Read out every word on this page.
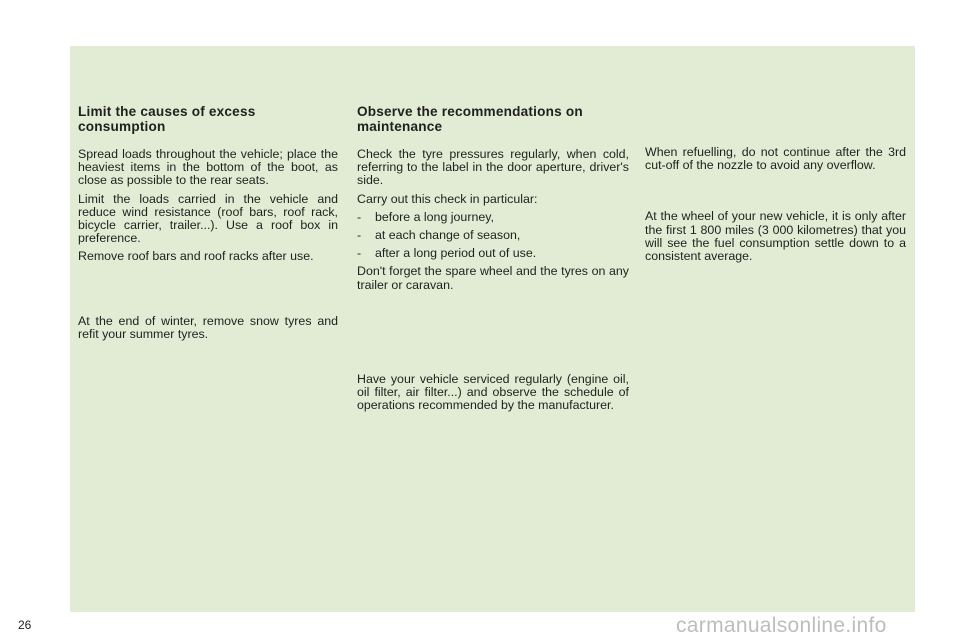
Limit the causes of excess consumption

Spread loads throughout the vehicle; place the heaviest items in the bottom of the boot, as close as possible to the rear seats.

Limit the loads carried in the vehicle and reduce wind resistance (roof bars, roof rack, bicycle carrier, trailer...). Use a roof box in preference.

Remove roof bars and roof racks after use.

At the end of winter, remove snow tyres and refit your summer tyres.

Observe the recommendations on maintenance

Check the tyre pressures regularly, when cold, referring to the label in the door aperture, driver's side.

Carry out this check in particular:

- before a long journey,
- at each change of season,
- after a long period out of use.

Don't forget the spare wheel and the tyres on any trailer or caravan.

Have your vehicle serviced regularly (engine oil, oil filter, air filter...) and observe the schedule of operations recommended by the manufacturer.

When refuelling, do not continue after the 3rd cut-off of the nozzle to avoid any overflow.

At the wheel of your new vehicle, it is only after the first 1 800 miles (3 000 kilometres) that you will see the fuel consumption settle down to a consistent average.

26	carmanualsonline.info
